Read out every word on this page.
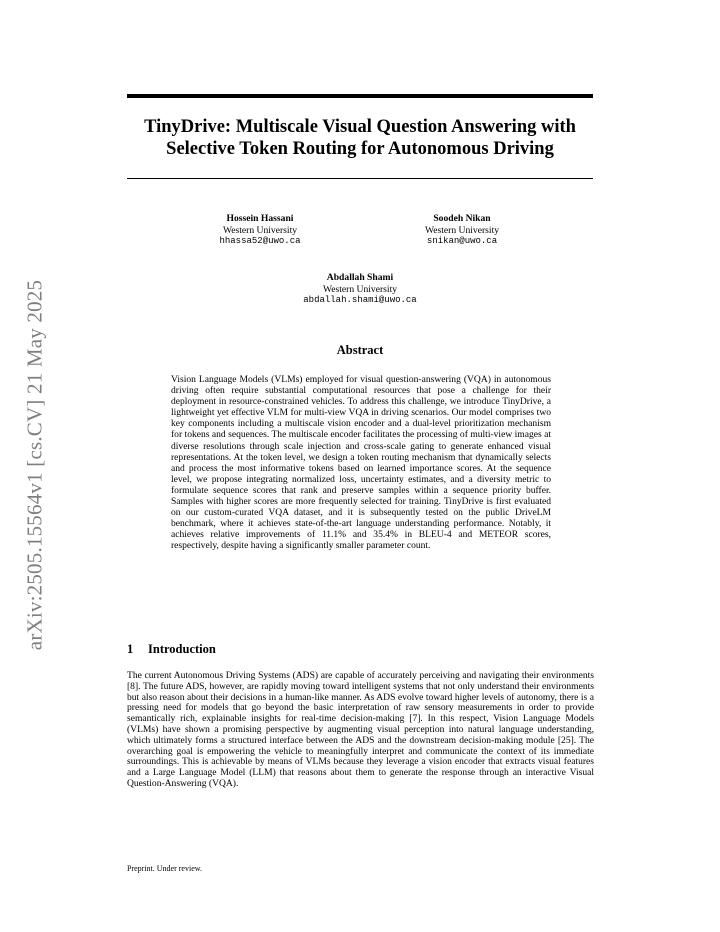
arXiv:2505.15564v1 [cs.CV] 21 May 2025
TinyDrive: Multiscale Visual Question Answering with
Selective Token Routing for Autonomous Driving
Hossein Hassani
Western University
hhassa52@uwo.ca
Soodeh Nikan
Western University
snikan@uwo.ca
Abdallah Shami
Western University
abdallah.shami@uwo.ca
Abstract
Vision Language Models (VLMs) employed for visual question-answering (VQA) in autonomous driving often require substantial computational resources that pose a challenge for their deployment in resource-constrained vehicles. To address this challenge, we introduce TinyDrive, a lightweight yet effective VLM for multi-view VQA in driving scenarios. Our model comprises two key components including a multiscale vision encoder and a dual-level prioritization mechanism for tokens and sequences. The multiscale encoder facilitates the processing of multi-view images at diverse resolutions through scale injection and cross-scale gating to generate enhanced visual representations. At the token level, we design a token routing mechanism that dynamically selects and process the most informative tokens based on learned importance scores. At the sequence level, we propose integrating normalized loss, uncertainty estimates, and a diversity metric to formulate sequence scores that rank and preserve samples within a sequence priority buffer. Samples with higher scores are more frequently selected for training. TinyDrive is first evaluated on our custom-curated VQA dataset, and it is subsequently tested on the public DriveLM benchmark, where it achieves state-of-the-art language understanding performance. Notably, it achieves relative improvements of 11.1% and 35.4% in BLEU-4 and METEOR scores, respectively, despite having a significantly smaller parameter count.
1 Introduction
The current Autonomous Driving Systems (ADS) are capable of accurately perceiving and navigating their environments [8]. The future ADS, however, are rapidly moving toward intelligent systems that not only understand their environments but also reason about their decisions in a human-like manner. As ADS evolve toward higher levels of autonomy, there is a pressing need for models that go beyond the basic interpretation of raw sensory measurements in order to provide semantically rich, explainable insights for real-time decision-making [7]. In this respect, Vision Language Models (VLMs) have shown a promising perspective by augmenting visual perception into natural language understanding, which ultimately forms a structured interface between the ADS and the downstream decision-making module [25]. The overarching goal is empowering the vehicle to meaningfully interpret and communicate the context of its immediate surroundings. This is achievable by means of VLMs because they leverage a vision encoder that extracts visual features and a Large Language Model (LLM) that reasons about them to generate the response through an interactive Visual Question-Answering (VQA).
Preprint. Under review.
